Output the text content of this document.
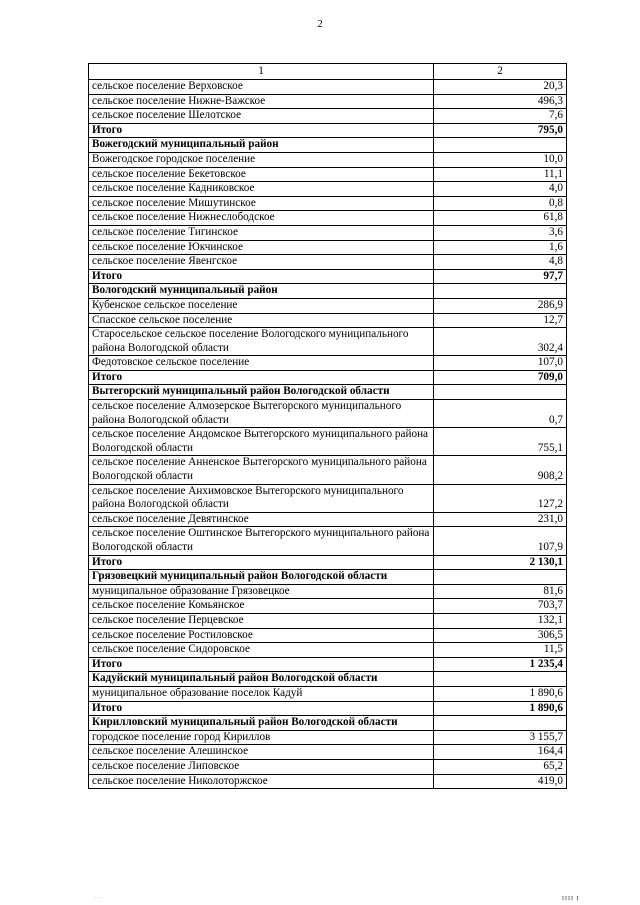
2
1	2
сельское поселение Верховское	20,3
сельское поселение Нижне-Важское	496,3
сельское поселение Шелотское	7,6
Итого	795,0
Вожегодский муниципальный район	
Вожегодское городское поселение	10,0
сельское поселение Бекетовское	11,1
сельское поселение Кадниковское	4,0
сельское поселение Мишутинское	0,8
сельское поселение Нижнеслободское	61,8
сельское поселение Тигинское	3,6
сельское поселение Юкчинское	1,6
сельское поселение Явенгское	4,8
Итого	97,7
Вологодский муниципальный район	
Кубенское сельское поселение	286,9
Спасское сельское поселение	12,7
Старосельское сельское поселение Вологодского муниципального района Вологодской области	302,4
Федотовское сельское поселение	107,0
Итого	709,0
Вытегорский муниципальный район Вологодской области	
сельское поселение Алмозерское Вытегорского муниципального района Вологодской области	0,7
сельское поселение Андомское Вытегорского муниципального района Вологодской области	755,1
сельское поселение Анненское Вытегорского муниципального района Вологодской области	908,2
сельское поселение Анхимовское Вытегорского муниципального района Вологодской области	127,2
сельское поселение Девятинское	231,0
сельское поселение Оштинское Вытегорского муниципального района Вологодской области	107,9
Итого	2 130,1
Грязовецкий муниципальный район Вологодской области	
муниципальное образование Грязовецкое	81,6
сельское поселение Комьянское	703,7
сельское поселение Перцевское	132,1
сельское поселение Ростиловское	306,5
сельское поселение Сидоровское	11,5
Итого	1 235,4
Кадуйский муниципальный район Вологодской области	
муниципальное образование поселок Кадуй	1 890,6
Итого	1 890,6
Кирилловский муниципальный район Вологодской области	
городское поселение город Кириллов	3 155,7
сельское поселение Алешинское	164,4
сельское поселение Липовское	65,2
сельское поселение Николоторжское	419,0
· · ·	IIII I
